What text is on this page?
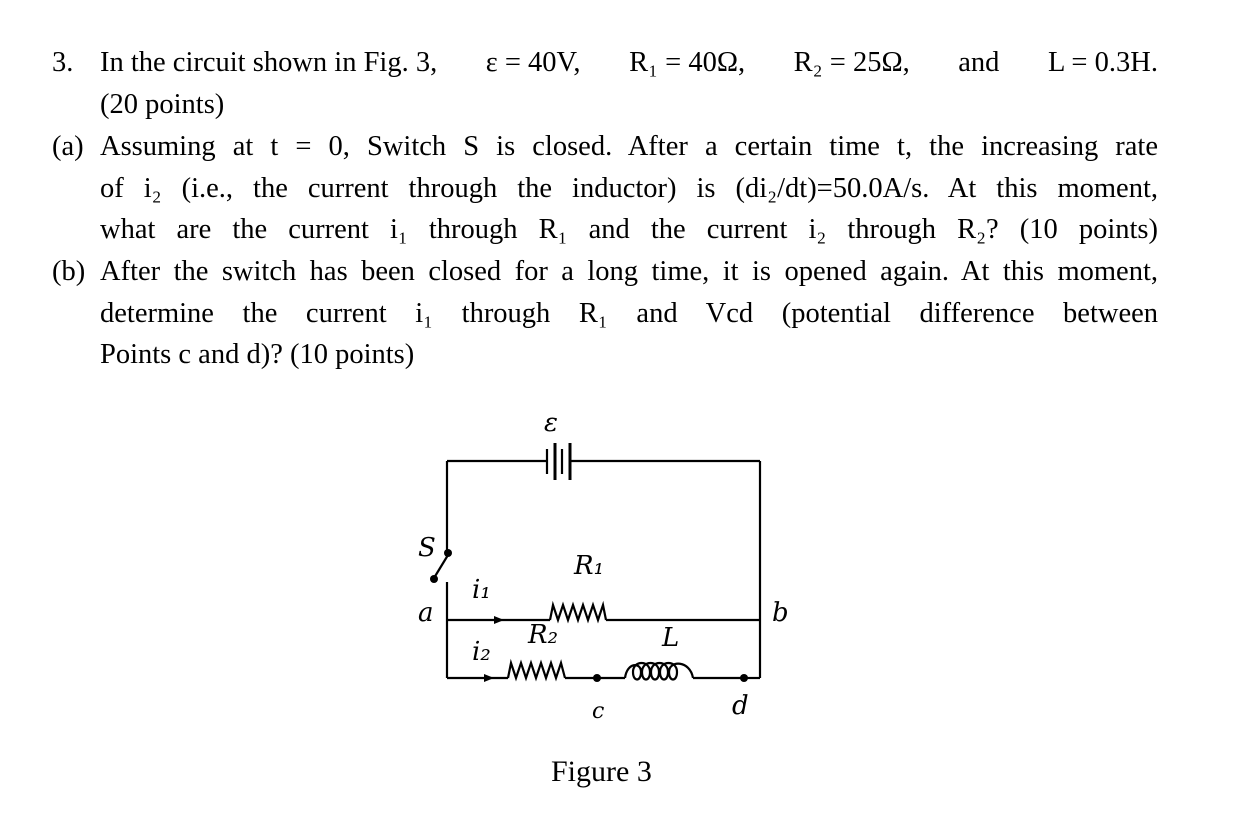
3. In the circuit shown in Fig. 3, ε = 40V, R₁ = 40Ω, R₂ = 25Ω, and L = 0.3H.
(20 points)
(a) Assuming at t = 0, Switch S is closed. After a certain time t, the increasing rate
of i₂ (i.e., the current through the inductor) is (di₂/dt)=50.0A/s. At this moment,
what are the current i₁ through R₁ and the current i₂ through R₂? (10 points)
(b) After the switch has been closed for a long time, it is opened again. At this moment,
determine the current i₁ through R₁ and Vcd (potential difference between
Points c and d)? (10 points)
ε
S
a	b
i₁
i₂
R₁
R₂	L
c	d
Figure 3
